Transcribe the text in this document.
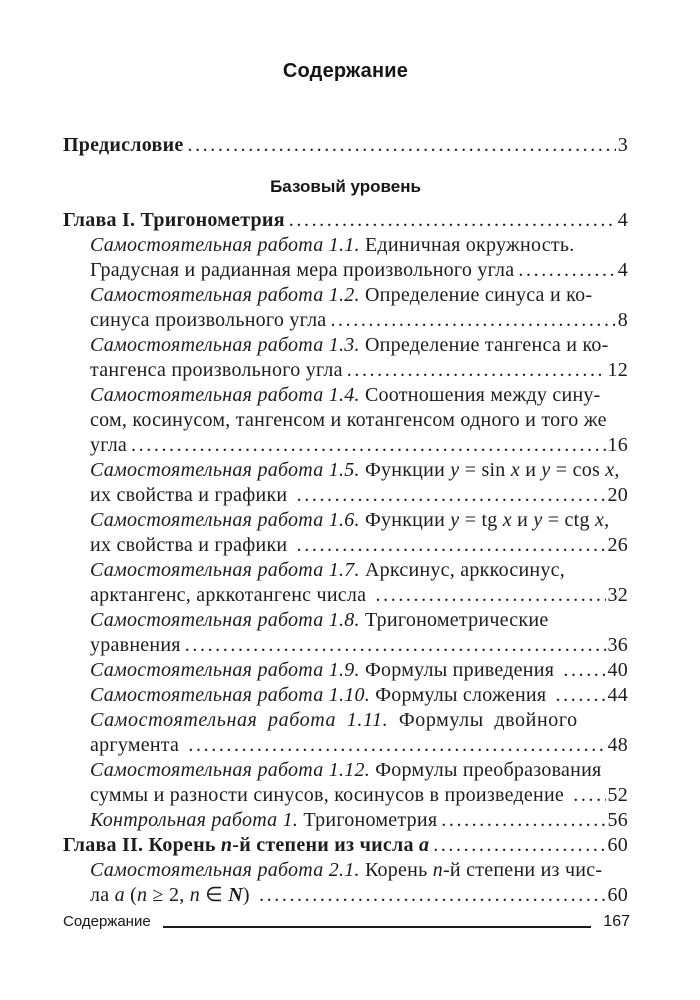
Содержание
Предисловие .....	3
Базовый уровень
Глава I. Тригонометрия .....	4
Самостоятельная работа 1.1. Единичная окружность.
Градусная и радианная мера произвольного угла .....	4
Самостоятельная работа 1.2. Определение синуса и ко-
синуса произвольного угла .....	8
Самостоятельная работа 1.3. Определение тангенса и ко-
тангенса произвольного угла .....	12
Самостоятельная работа 1.4. Соотношения между сину-
сом, косинусом, тангенсом и котангенсом одного и того же
угла .....	16
Самостоятельная работа 1.5. Функции y = sin x и y = cos x,
их свойства и графики .....	20
Самостоятельная работа 1.6. Функции y = tg x и y = ctg x,
их свойства и графики .....	26
Самостоятельная работа 1.7. Арксинус, арккосинус,
арктангенс, арккотангенс числа .....	32
Самостоятельная работа 1.8. Тригонометрические
уравнения .....	36
Самостоятельная работа 1.9. Формулы приведения ..... 40
Самостоятельная работа 1.10. Формулы сложения .....	44
Самостоятельная работа 1.11. Формулы двойного
аргумента .....	48
Самостоятельная работа 1.12. Формулы преобразования
суммы и разности синусов, косинусов в произведение ..... 52
Контрольная работа 1. Тригонометрия .....	56
Глава II. Корень n-й степени из числа a .....	60
Самостоятельная работа 2.1. Корень n-й степени из чис-
ла a (n ≥ 2, n ∈ N) .....	60
Содержание	167
